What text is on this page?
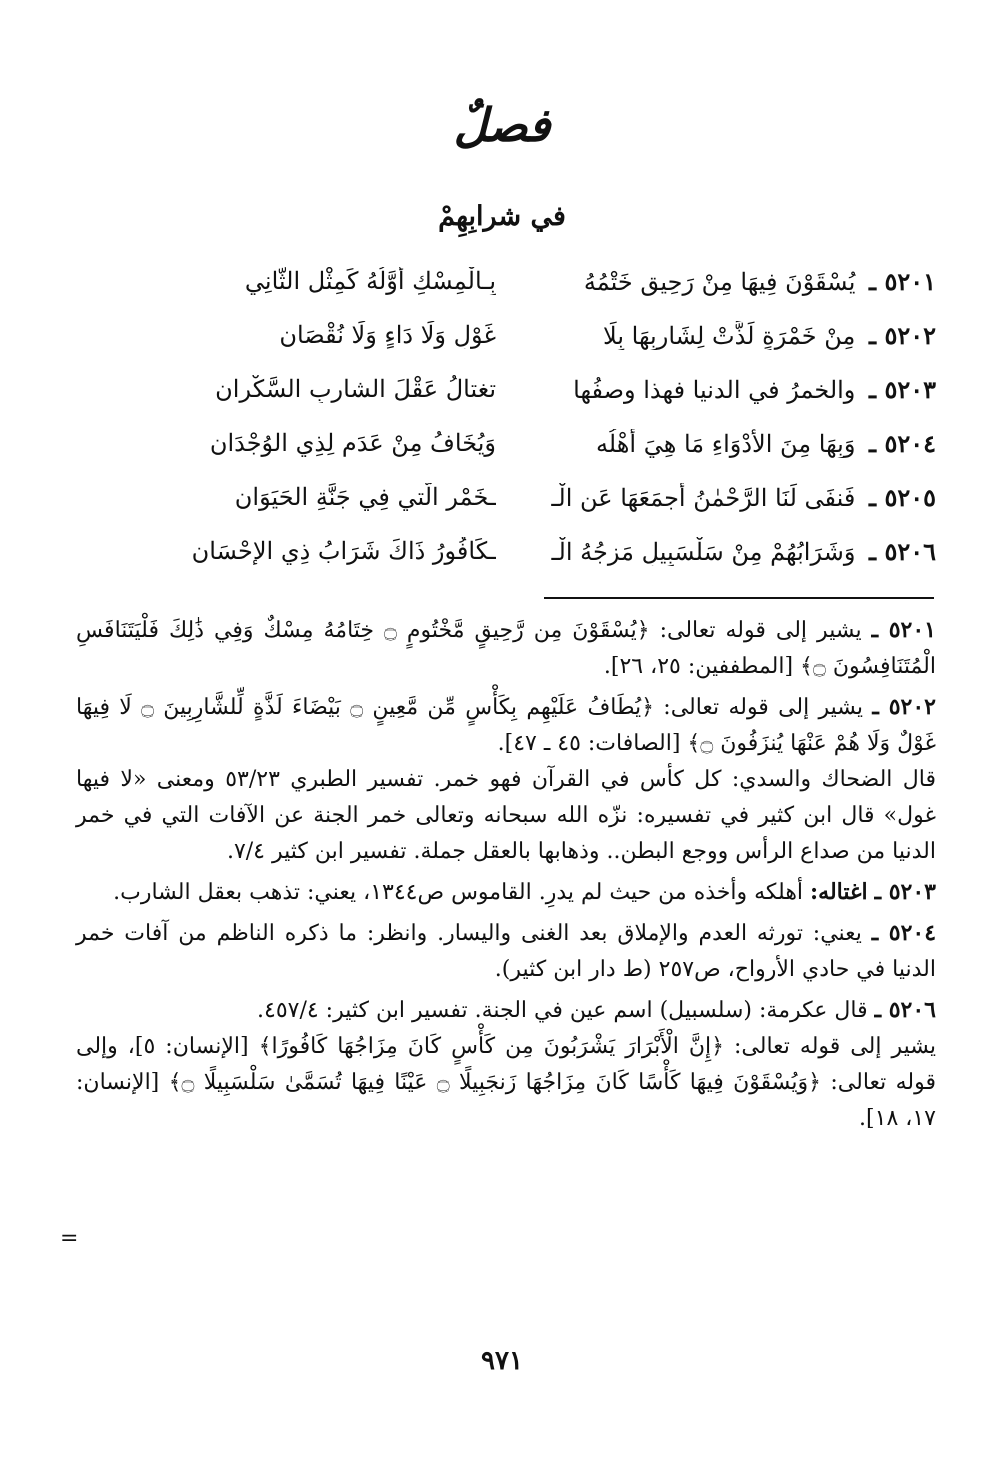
فصلٌ
في شرابِهِمْ
٥٢٠١ ـ يُسْقَوْنَ فِيهَا مِنْ رَحِيقٍ خَتْمُهُ
بِـالْمِسْكِ أَوَّلُهُ كَمِثْلِ الثَّانِي
٥٢٠٢ ـ مِنْ خَمْرَةٍ لَذَّتْ لِشَارِبِهَا بِلَا
غَوْلٍ وَلَا دَاءٍ وَلَا نُقْصَانِ
٥٢٠٣ ـ والخمرُ في الدنيا فهذا وصفُها
تغتالُ عَقْلَ الشاربِ السَّكْرانِ
٥٢٠٤ ـ وَبِهَا مِنَ الأَدْوَاءِ مَا هِيَ أَهْلُه
وَيُخَافُ مِنْ عَدَمٍ لِذِي الوُجْدَانِ
٥٢٠٥ ـ فَنفَى لَنَا الرَّحْمٰنُ أجمَعَهَا عَنِ الْـ
ـخَمْرِ الَّتي فِي جَنَّةِ الحَيَوَانِ
٥٢٠٦ ـ وَشَرَابُهُمْ مِنْ سَلْسَبِيلٍ مَزجُهُ الْـ
ـكَافُورُ ذَاكَ شَرَابُ ذِي الإحْسَانِ
٥٢٠١ ـ يشير إلى قوله تعالى: ﴿يُسْقَوْنَ مِن رَّحِيقٍ مَّخْتُومٍ ۝ خِتَامُهُ مِسْكٌ وَفِي ذَٰلِكَ فَلْيَتَنَافَسِ الْمُتَنَافِسُونَ ۝﴾ [المطففين: ٢٥، ٢٦].
٥٢٠٢ ـ يشير إلى قوله تعالى: ﴿يُطَافُ عَلَيْهِم بِكَأْسٍ مِّن مَّعِينٍ ۝ بَيْضَاءَ لَذَّةٍ لِّلشَّارِبِينَ ۝ لَا فِيهَا غَوْلٌ وَلَا هُمْ عَنْهَا يُنزَفُونَ ۝﴾ [الصافات: ٤٥ ـ ٤٧].
قال الضحاك والسدي: كل كأس في القرآن فهو خمر. تفسير الطبري ٥٣/٢٣ ومعنى «لا فيها غول» قال ابن كثير في تفسيره: نزّه الله سبحانه وتعالى خمر الجنة عن الآفات التي في خمر الدنيا من صداع الرأس ووجع البطن.. وذهابها بالعقل جملة. تفسير ابن كثير ٧/٤.
٥٢٠٣ ـ اغتاله: أهلكه وأخذه من حيث لم يدرِ. القاموس ص١٣٤٤، يعني: تذهب بعقل الشارب.
٥٢٠٤ ـ يعني: تورثه العدم والإملاق بعد الغنى واليسار. وانظر: ما ذكره الناظم من آفات خمر الدنيا في حادي الأرواح، ص٢٥٧ (ط دار ابن كثير).
٥٢٠٦ ـ قال عكرمة: (سلسبيل) اسم عين في الجنة. تفسير ابن كثير: ٤٥٧/٤.
يشير إلى قوله تعالى: ﴿إِنَّ الْأَبْرَارَ يَشْرَبُونَ مِن كَأْسٍ كَانَ مِزَاجُهَا كَافُورًا﴾ [الإنسان: ٥]، وإلى قوله تعالى: ﴿وَيُسْقَوْنَ فِيهَا كَأْسًا كَانَ مِزَاجُهَا زَنجَبِيلًا ۝ عَيْنًا فِيهَا تُسَمَّىٰ سَلْسَبِيلًا ۝﴾ [الإنسان: ١٧، ١٨].
=
٩٧١
